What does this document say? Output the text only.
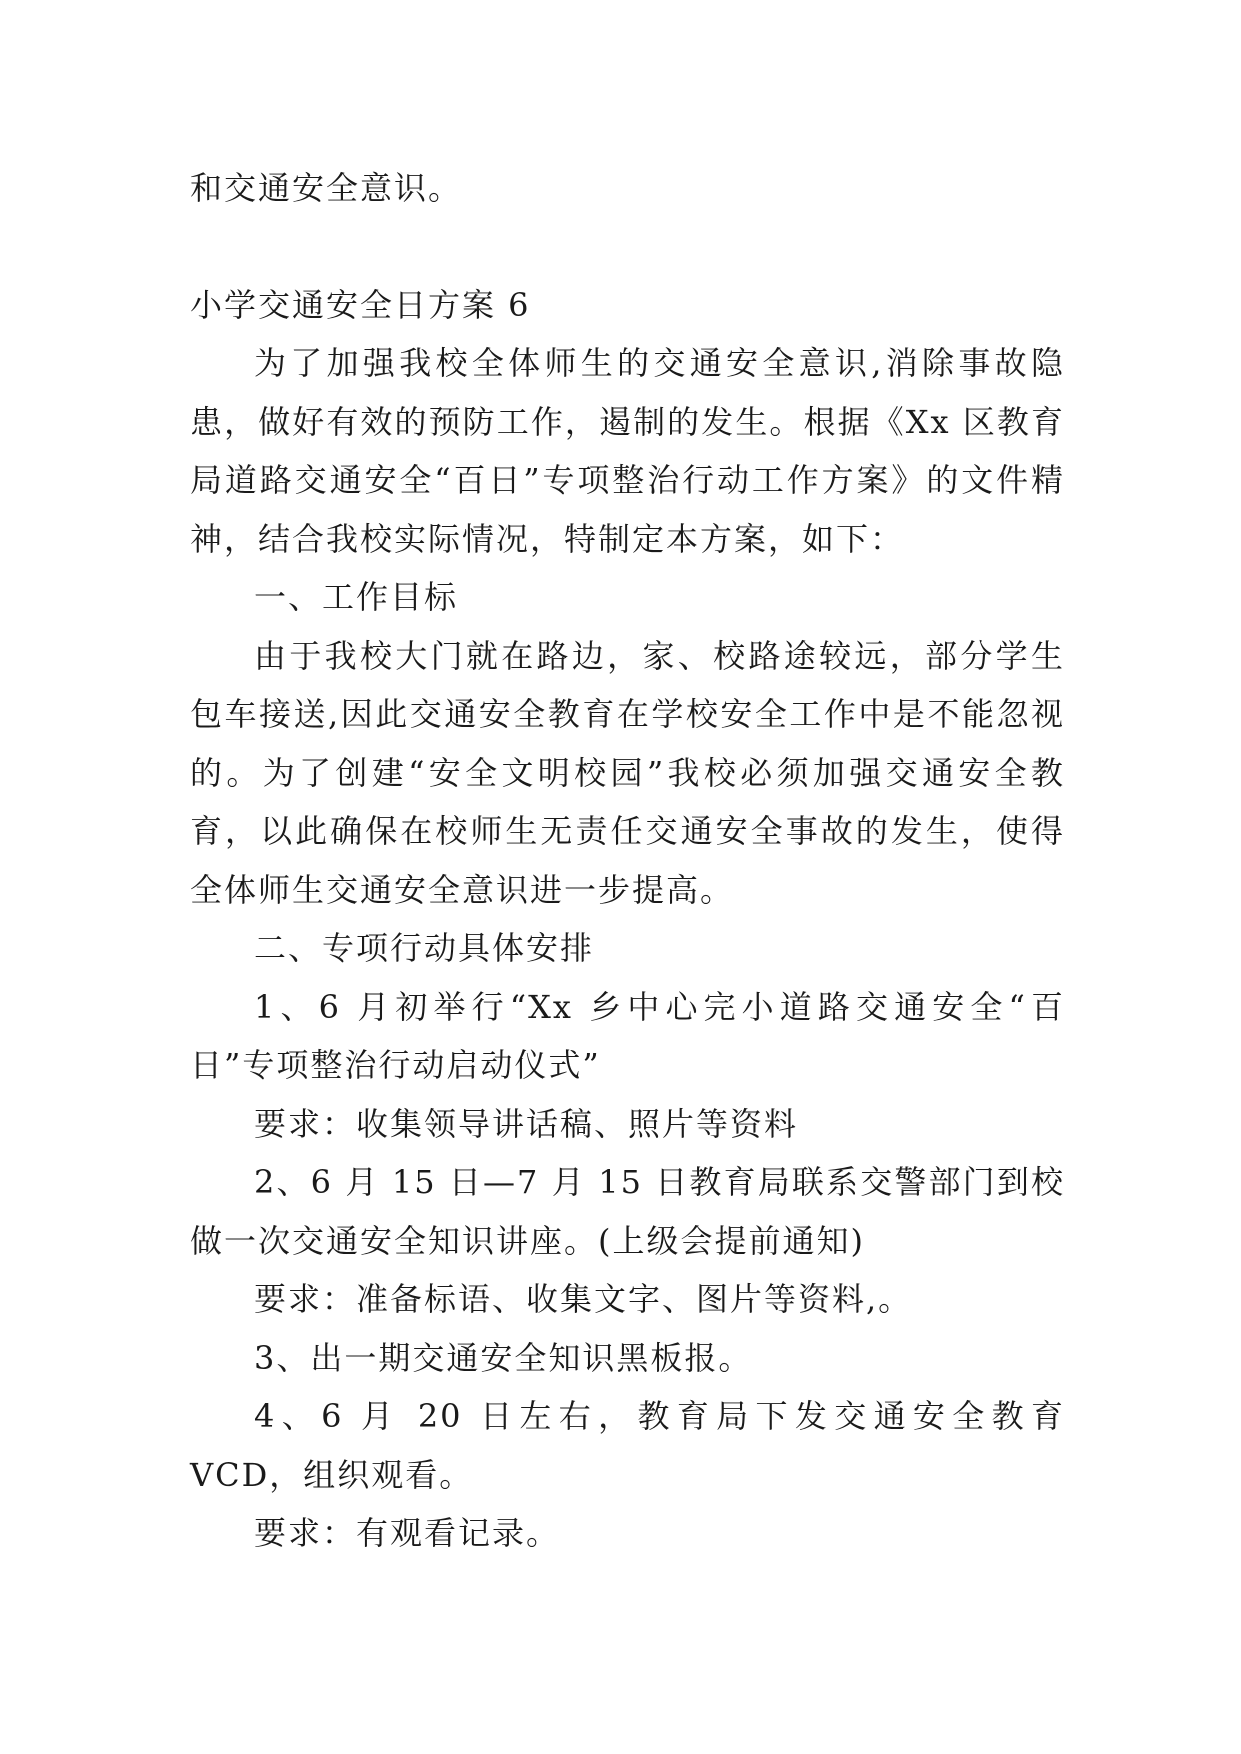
和交通安全意识。

小学交通安全日方案 6

为了加强我校全体师生的交通安全意识,消除事故隐患，做好有效的预防工作，遏制的发生。根据《Xx 区教育局道路交通安全“百日”专项整治行动工作方案》的文件精神，结合我校实际情况，特制定本方案，如下：

一、工作目标

由于我校大门就在路边，家、校路途较远，部分学生包车接送,因此交通安全教育在学校安全工作中是不能忽视的。为了创建“安全文明校园”我校必须加强交通安全教育，以此确保在校师生无责任交通安全事故的发生，使得全体师生交通安全意识进一步提高。

二、专项行动具体安排

1、6 月初举行“Xx 乡中心完小道路交通安全“百日”专项整治行动启动仪式”

要求：收集领导讲话稿、照片等资料

2、6 月 15 日—7 月 15 日教育局联系交警部门到校做一次交通安全知识讲座。(上级会提前通知)

要求：准备标语、收集文字、图片等资料,。

3、出一期交通安全知识黑板报。

4、6 月 20 日左右，教育局下发交通安全教育 VCD，组织观看。

要求：有观看记录。
